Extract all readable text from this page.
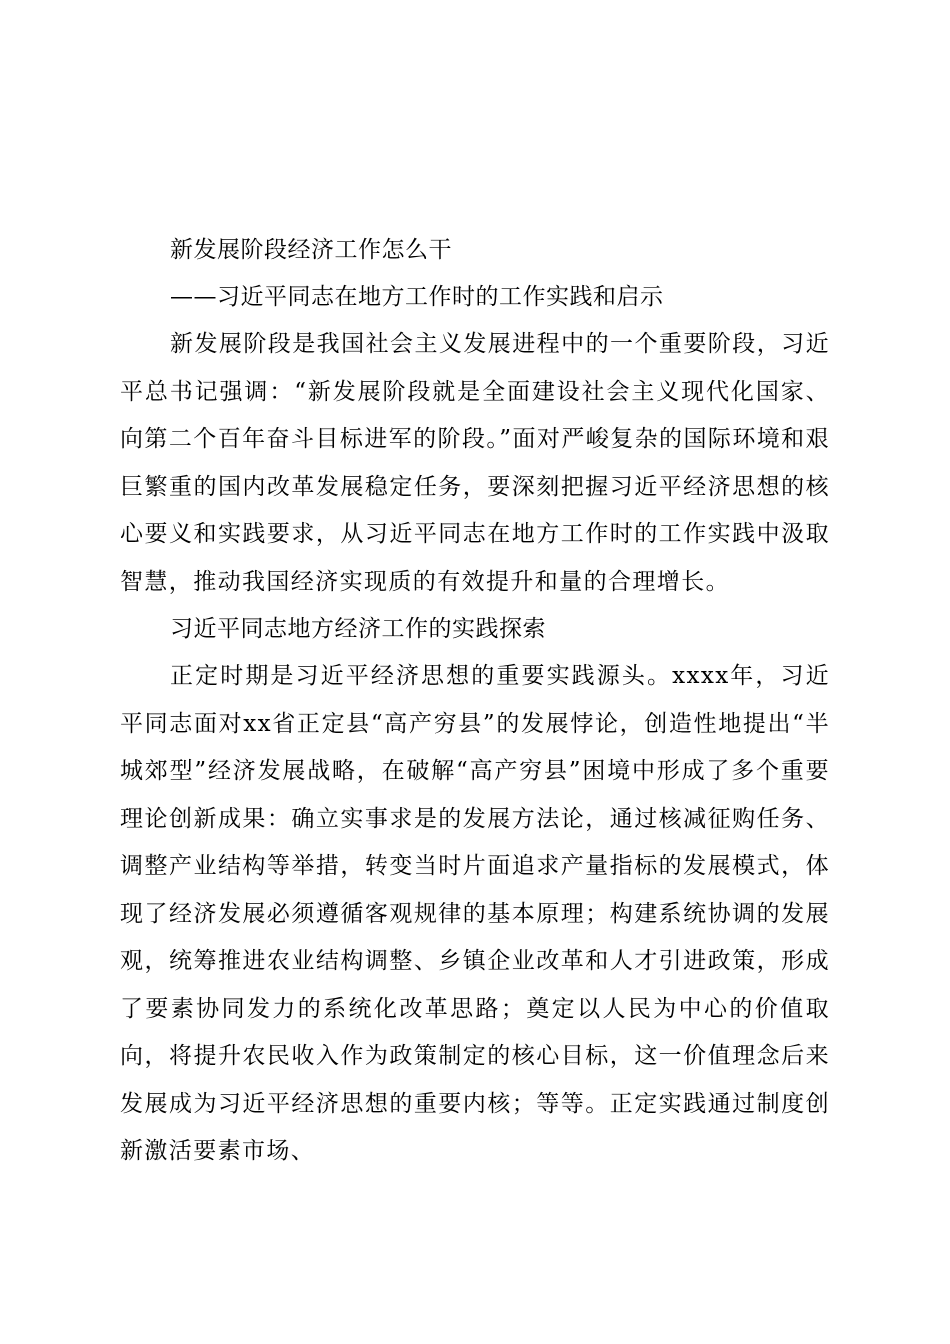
新发展阶段经济工作怎么干
——习近平同志在地方工作时的工作实践和启示

新发展阶段是我国社会主义发展进程中的一个重要阶段，习近平总书记强调：“新发展阶段就是全面建设社会主义现代化国家、向第二个百年奋斗目标进军的阶段。”面对严峻复杂的国际环境和艰巨繁重的国内改革发展稳定任务，要深刻把握习近平经济思想的核心要义和实践要求，从习近平同志在地方工作时的工作实践中汲取智慧，推动我国经济实现质的有效提升和量的合理增长。

习近平同志地方经济工作的实践探索

正定时期是习近平经济思想的重要实践源头。xxxx年，习近平同志面对xx省正定县“高产穷县”的发展悖论，创造性地提出“半城郊型”经济发展战略，在破解“高产穷县”困境中形成了多个重要理论创新成果：确立实事求是的发展方法论，通过核减征购任务、调整产业结构等举措，转变当时片面追求产量指标的发展模式，体现了经济发展必须遵循客观规律的基本原理；构建系统协调的发展观，统筹推进农业结构调整、乡镇企业改革和人才引进政策，形成了要素协同发力的系统化改革思路；奠定以人民为中心的价值取向，将提升农民收入作为政策制定的核心目标，这一价值理念后来发展成为习近平经济思想的重要内核；等等。正定实践通过制度创新激活要素市场、
